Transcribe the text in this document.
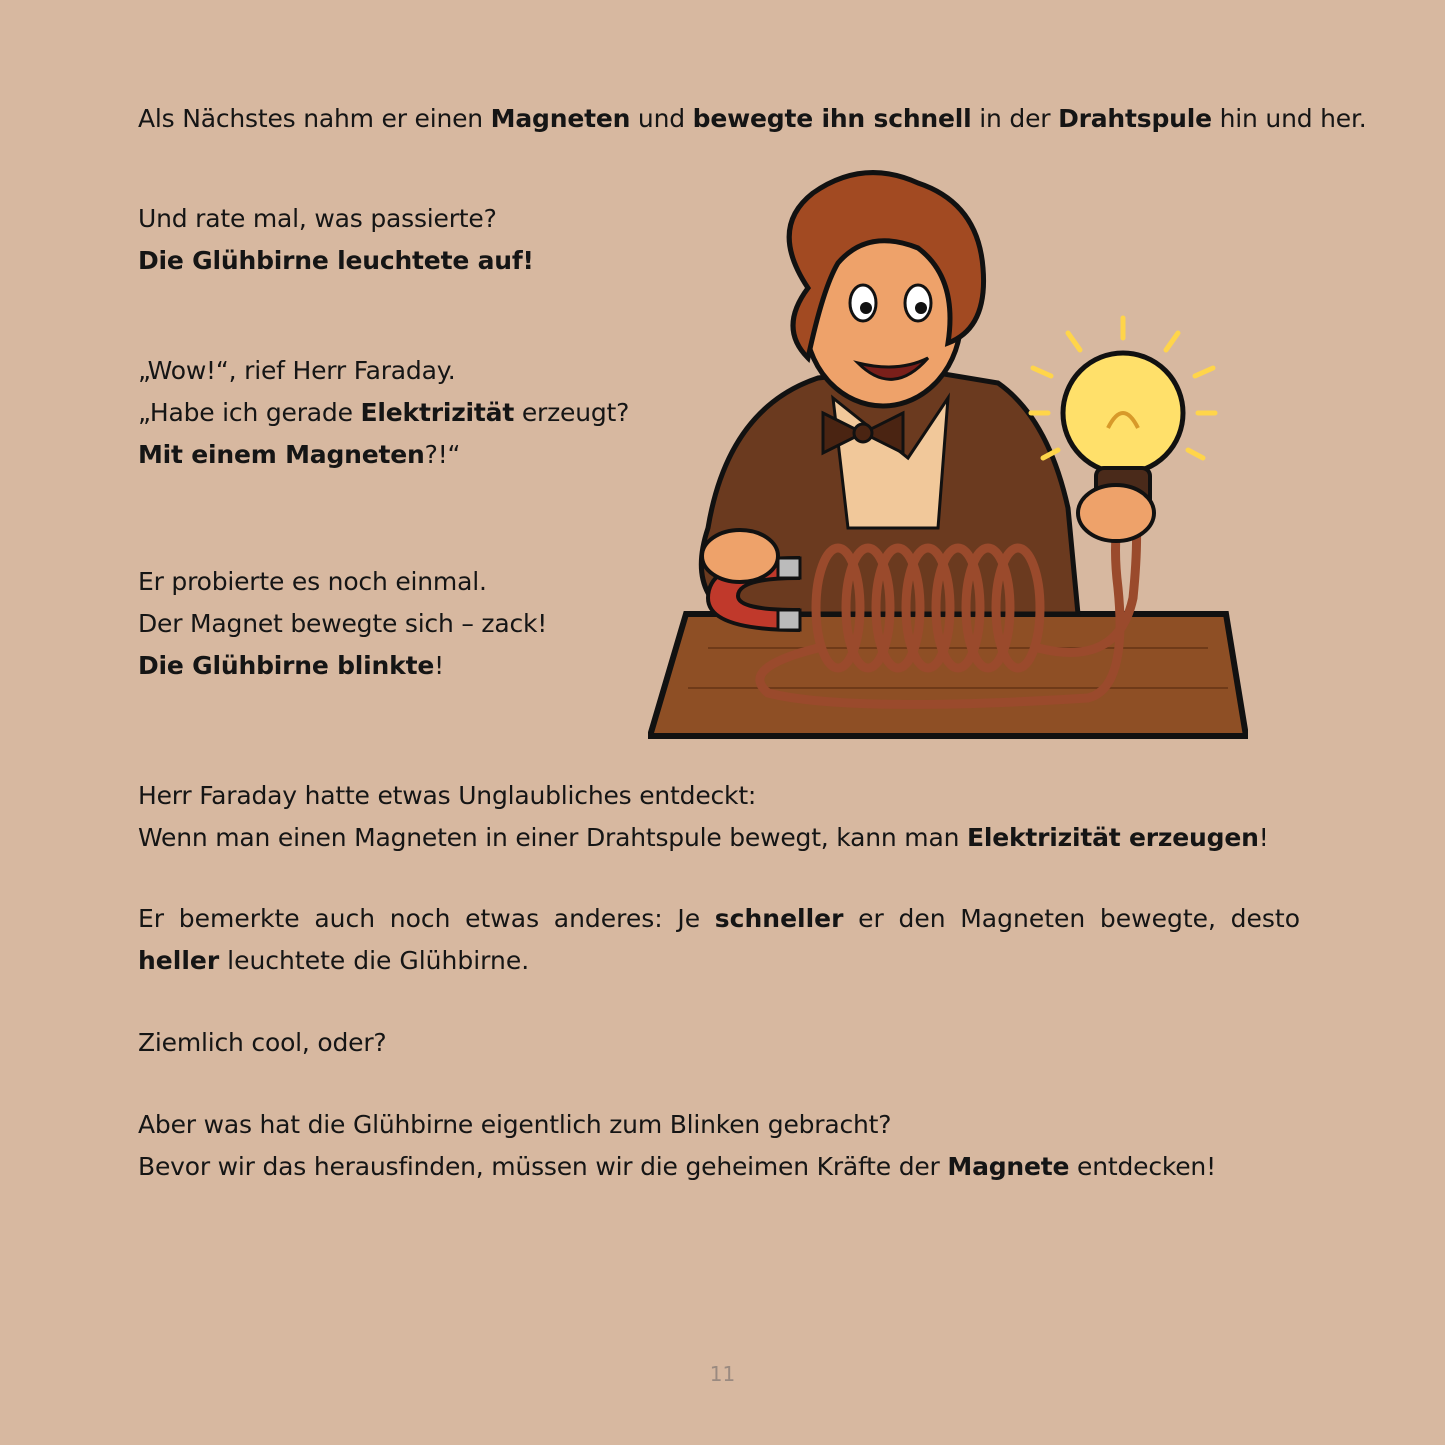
Als Nächstes nahm er einen Magneten und bewegte ihn schnell in der Drahtspule hin und her.
Und rate mal, was passierte?
Die Glühbirne leuchtete auf!
„Wow!“, rief Herr Faraday.
„Habe ich gerade Elektrizität erzeugt?
Mit einem Magneten?!“
Er probierte es noch einmal.
Der Magnet bewegte sich – zack!
Die Glühbirne blinkte!
Herr Faraday hatte etwas Unglaubliches entdeckt:
Wenn man einen Magneten in einer Drahtspule bewegt, kann man Elektrizität erzeugen!
Er bemerkte auch noch etwas anderes: Je schneller er den Magneten bewegte, desto heller leuchtete die Glühbirne.
Ziemlich cool, oder?
Aber was hat die Glühbirne eigentlich zum Blinken gebracht?
Bevor wir das herausfinden, müssen wir die geheimen Kräfte der Magnete entdecken!
11
